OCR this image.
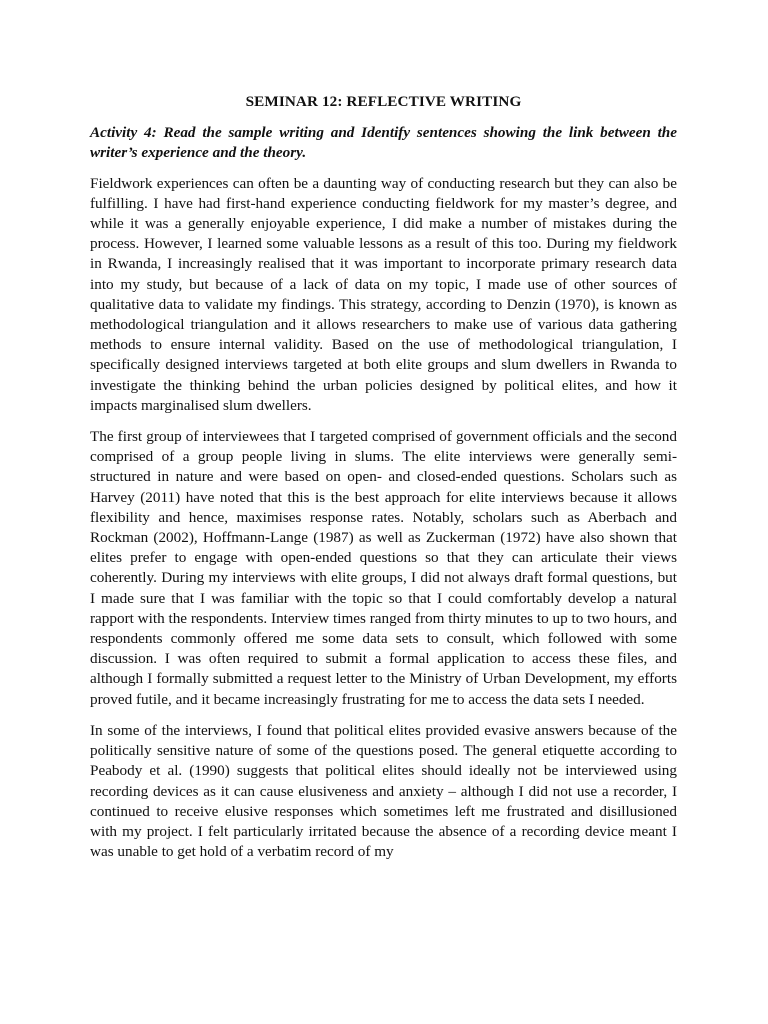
SEMINAR 12: REFLECTIVE WRITING
Activity 4: Read the sample writing and Identify sentences showing the link between the writer’s experience and the theory.

Fieldwork experiences can often be a daunting way of conducting research but they can also be fulfilling. I have had first-hand experience conducting fieldwork for my master’s degree, and while it was a generally enjoyable experience, I did make a number of mistakes during the process. However, I learned some valuable lessons as a result of this too. During my fieldwork in Rwanda, I increasingly realised that it was important to incorporate primary research data into my study, but because of a lack of data on my topic, I made use of other sources of qualitative data to validate my findings. This strategy, according to Denzin (1970), is known as methodological triangulation and it allows researchers to make use of various data gathering methods to ensure internal validity. Based on the use of methodological triangulation, I specifically designed interviews targeted at both elite groups and slum dwellers in Rwanda to investigate the thinking behind the urban policies designed by political elites, and how it impacts marginalised slum dwellers.

The first group of interviewees that I targeted comprised of government officials and the second comprised of a group people living in slums. The elite interviews were generally semi-structured in nature and were based on open- and closed-ended questions. Scholars such as Harvey (2011) have noted that this is the best approach for elite interviews because it allows flexibility and hence, maximises response rates. Notably, scholars such as Aberbach and Rockman (2002), Hoffmann-Lange (1987) as well as Zuckerman (1972) have also shown that elites prefer to engage with open-ended questions so that they can articulate their views coherently. During my interviews with elite groups, I did not always draft formal questions, but I made sure that I was familiar with the topic so that I could comfortably develop a natural rapport with the respondents. Interview times ranged from thirty minutes to up to two hours, and respondents commonly offered me some data sets to consult, which followed with some discussion. I was often required to submit a formal application to access these files, and although I formally submitted a request letter to the Ministry of Urban Development, my efforts proved futile, and it became increasingly frustrating for me to access the data sets I needed.

In some of the interviews, I found that political elites provided evasive answers because of the politically sensitive nature of some of the questions posed. The general etiquette according to Peabody et al. (1990) suggests that political elites should ideally not be interviewed using recording devices as it can cause elusiveness and anxiety – although I did not use a recorder, I continued to receive elusive responses which sometimes left me frustrated and disillusioned with my project. I felt particularly irritated because the absence of a recording device meant I was unable to get hold of a verbatim record of my
